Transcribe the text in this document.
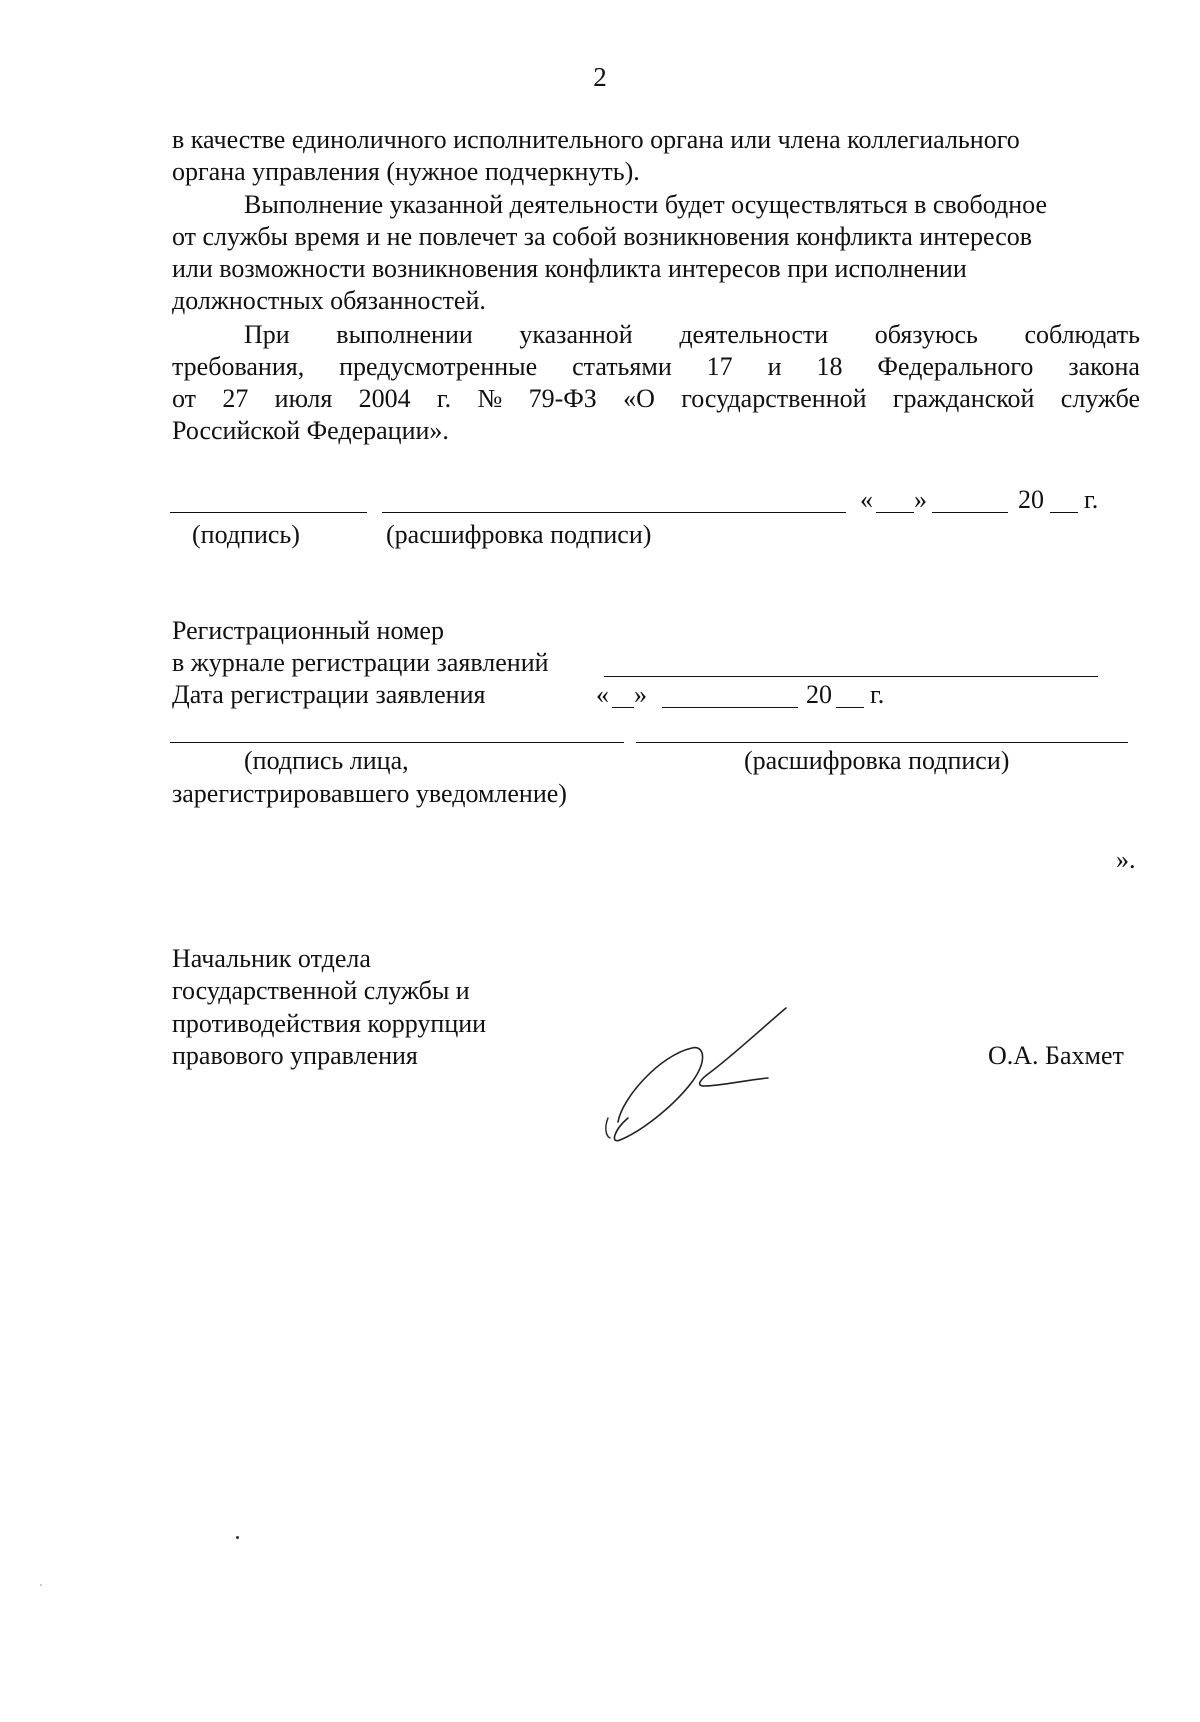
2
в качестве единоличного исполнительного органа или члена коллегиального
органа управления (нужное подчеркнуть).
Выполнение указанной деятельности будет осуществляться в свободное
от службы время и не повлечет за собой возникновения конфликта интересов
или возможности возникновения конфликта интересов при исполнении
должностных обязанностей.
При выполнении указанной деятельности обязуюсь соблюдать
требования, предусмотренные статьями 17 и 18 Федерального закона
от 27 июля 2004 г. № 79-ФЗ «О государственной гражданской службе
Российской Федерации».
« »	20 г.
(подпись)	(расшифровка подписи)
Регистрационный номер
в журнале регистрации заявлений
Дата регистрации заявления	« »	20 г.
(подпись лица,
зарегистрировавшего уведомление)
(расшифровка подписи)
».
Начальник отдела
государственной службы и
противодействия коррупции
правового управления	О.А. Бахмет
